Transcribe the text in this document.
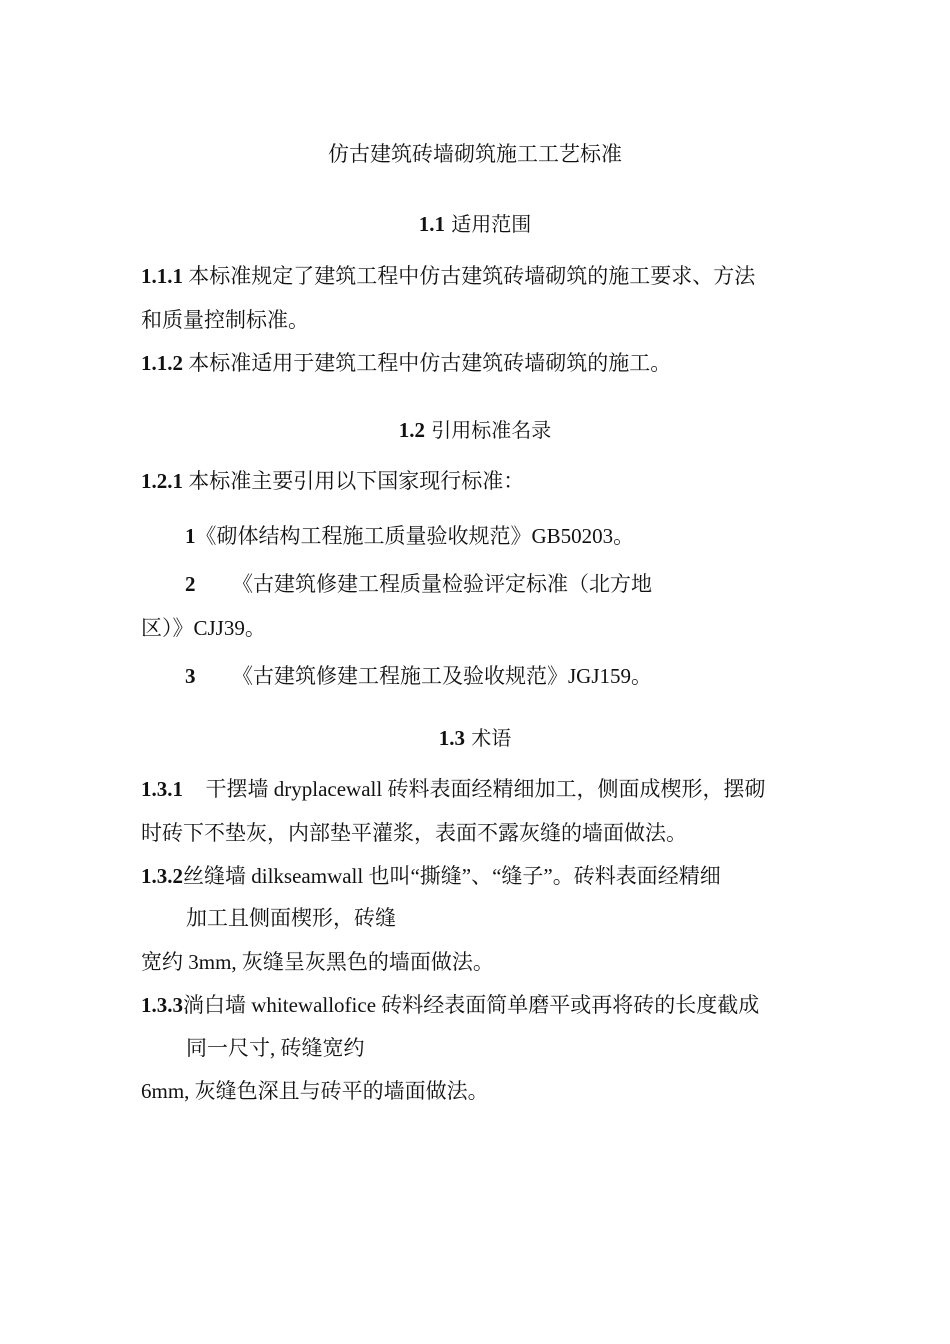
仿古建筑砖墙砌筑施工工艺标准
1.1 适用范围
1.1.1 本标准规定了建筑工程中仿古建筑砖墙砌筑的施工要求、方法
和质量控制标准。
1.1.2 本标准适用于建筑工程中仿古建筑砖墙砌筑的施工。
1.2 引用标准名录
1.2.1 本标准主要引用以下国家现行标准：
1《砌体结构工程施工质量验收规范》GB50203。
2 《古建筑修建工程质量检验评定标准（北方地
区）》CJJ39。
3 《古建筑修建工程施工及验收规范》JGJ159。
1.3 术语
1.3.1 干摆墙 dryplacewall 砖料表面经精细加工，侧面成楔形，摆砌
时砖下不垫灰，内部垫平灌浆，表面不露灰缝的墙面做法。
1.3.2丝缝墙 dilkseamwall 也叫“撕缝”、“缝子”。砖料表面经精细
加工且侧面楔形，砖缝
宽约 3mm, 灰缝呈灰黑色的墙面做法。
1.3.3淌白墙 whitewallofice 砖料经表面简单磨平或再将砖的长度截成
同一尺寸, 砖缝宽约
6mm, 灰缝色深且与砖平的墙面做法。
